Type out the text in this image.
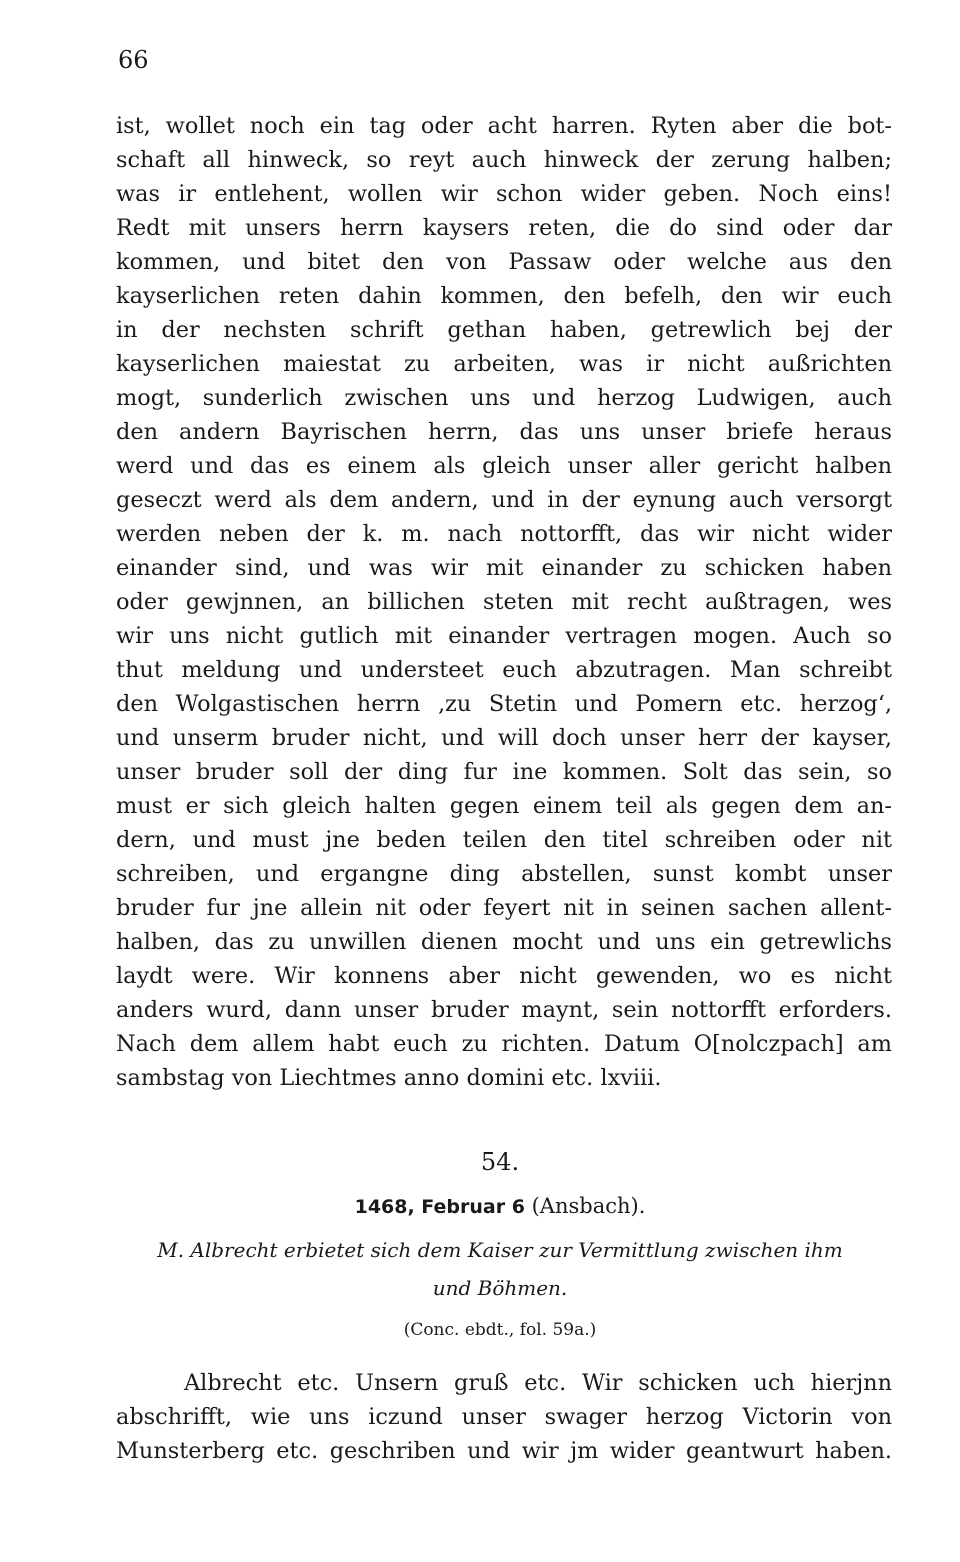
66
ist, wollet noch ein tag oder acht harren. Ryten aber die bot-
schaft all hinweck, so reyt auch hinweck der zerung halben;
was ir entlehent, wollen wir schon wider geben. Noch eins!
Redt mit unsers herrn kaysers reten, die do sind oder dar
kommen, und bitet den von Passaw oder welche aus den
kayserlichen reten dahin kommen, den befelh, den wir euch
in der nechsten schrift gethan haben, getrewlich bej der
kayserlichen maiestat zu arbeiten, was ir nicht außrichten
mogt, sunderlich zwischen uns und herzog Ludwigen, auch
den andern Bayrischen herrn, das uns unser briefe heraus
werd und das es einem als gleich unser aller gericht halben
geseczt werd als dem andern, und in der eynung auch versorgt
werden neben der k. m. nach nottorfft, das wir nicht wider
einander sind, und was wir mit einander zu schicken haben
oder gewjnnen, an billichen steten mit recht außtragen, wes
wir uns nicht gutlich mit einander vertragen mogen. Auch so
thut meldung und understeet euch abzutragen. Man schreibt
den Wolgastischen herrn ‚zu Stetin und Pomern etc. herzog‘,
und unserm bruder nicht, und will doch unser herr der kayser,
unser bruder soll der ding fur ine kommen. Solt das sein, so
must er sich gleich halten gegen einem teil als gegen dem an-
dern, und must jne beden teilen den titel schreiben oder nit
schreiben, und ergangne ding abstellen, sunst kombt unser
bruder fur jne allein nit oder feyert nit in seinen sachen allent-
halben, das zu unwillen dienen mocht und uns ein getrewlichs
laydt were. Wir konnens aber nicht gewenden, wo es nicht
anders wurd, dann unser bruder maynt, sein nottorfft erforders.
Nach dem allem habt euch zu richten. Datum O[nolczpach] am
sambstag von Liechtmes anno domini etc. lxviii.
54.
1468, Februar 6 (Ansbach).
M. Albrecht erbietet sich dem Kaiser zur Vermittlung zwischen ihm
und Böhmen.
(Conc. ebdt., fol. 59a.)
Albrecht etc. Unsern gruß etc. Wir schicken uch hierjnn
abschrifft, wie uns iczund unser swager herzog Victorin von
Munsterberg etc. geschriben und wir jm wider geantwurt haben.
